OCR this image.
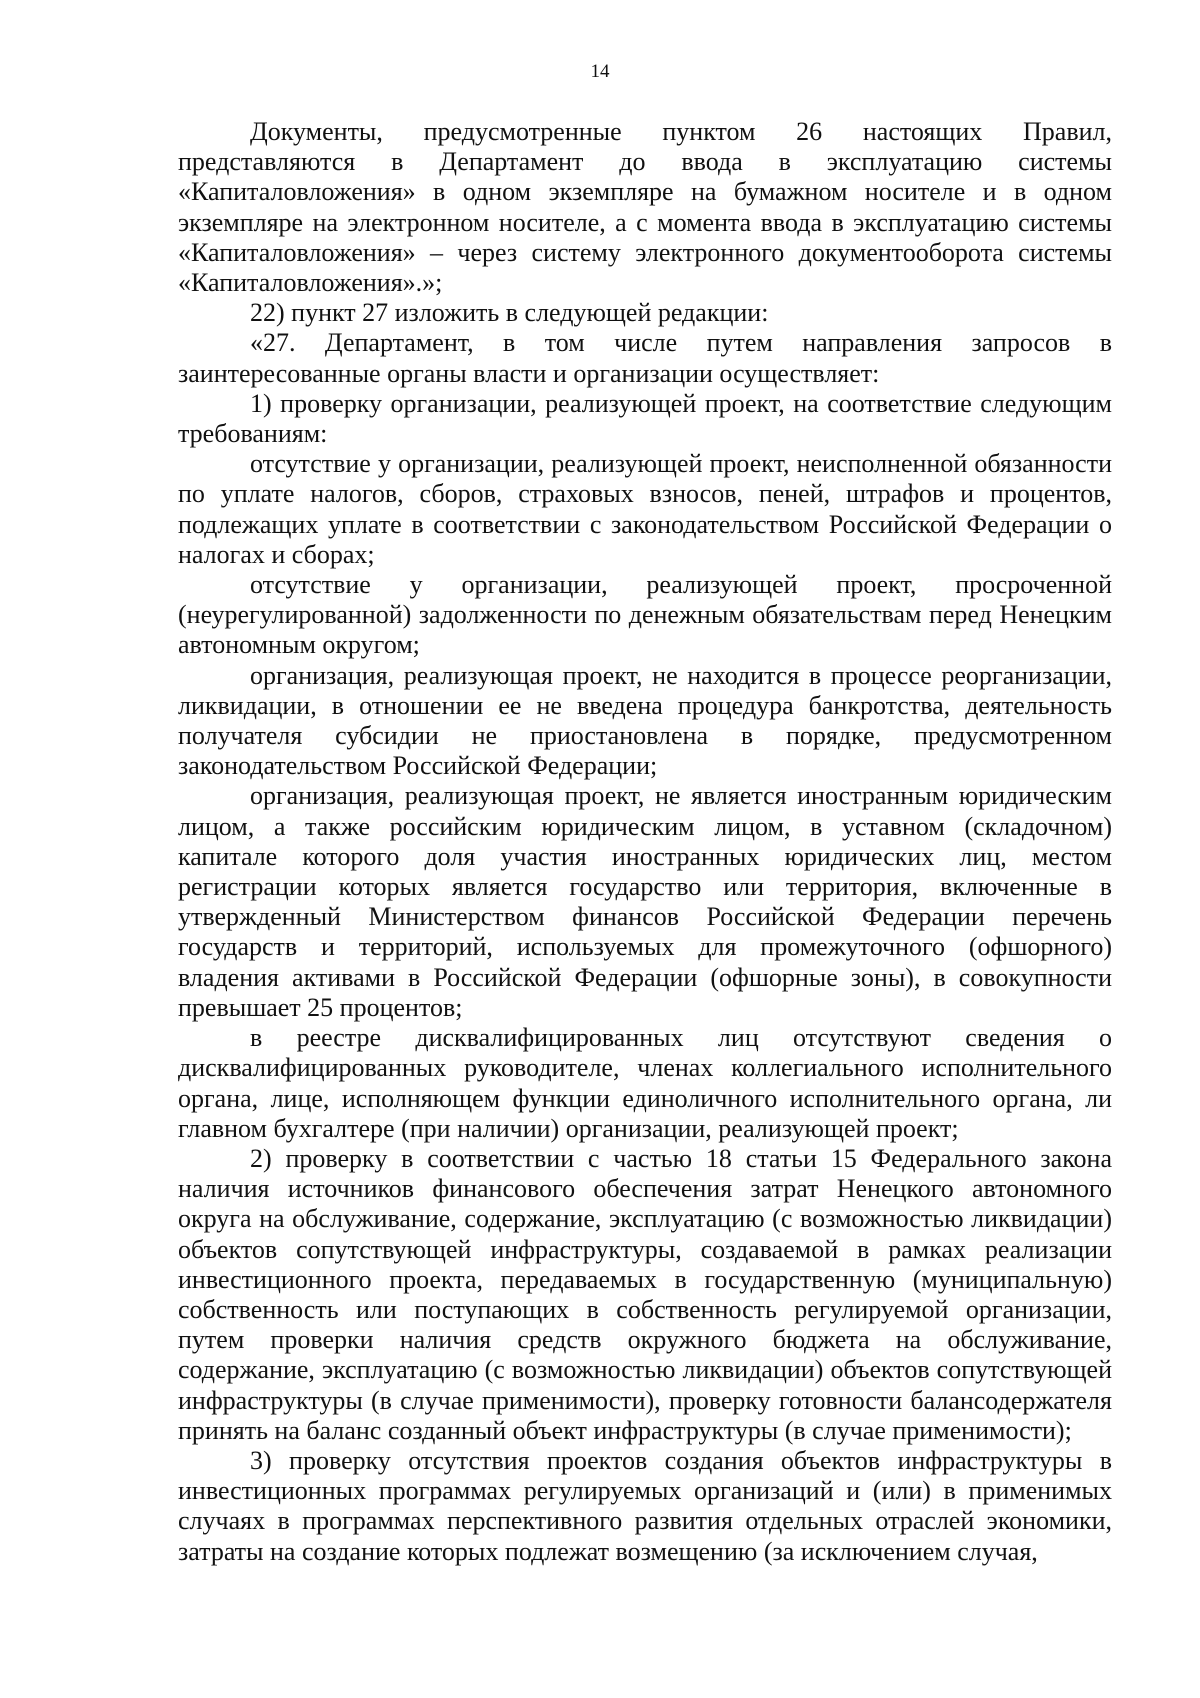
14

Документы, предусмотренные пунктом 26 настоящих Правил, представляются в Департамент до ввода в эксплуатацию системы «Капиталовложения» в одном экземпляре на бумажном носителе и в одном экземпляре на электронном носителе, а с момента ввода в эксплуатацию системы «Капиталовложения» – через систему электронного документооборота системы «Капиталовложения».»;

22) пункт 27 изложить в следующей редакции:

«27. Департамент, в том числе путем направления запросов в заинтересованные органы власти и организации осуществляет:

1) проверку организации, реализующей проект, на соответствие следующим требованиям:

отсутствие у организации, реализующей проект, неисполненной обязанности по уплате налогов, сборов, страховых взносов, пеней, штрафов и процентов, подлежащих уплате в соответствии с законодательством Российской Федерации о налогах и сборах;

отсутствие у организации, реализующей проект, просроченной (неурегулированной) задолженности по денежным обязательствам перед Ненецким автономным округом;

организация, реализующая проект, не находится в процессе реорганизации, ликвидации, в отношении ее не введена процедура банкротства, деятельность получателя субсидии не приостановлена в порядке, предусмотренном законодательством Российской Федерации;

организация, реализующая проект, не является иностранным юридическим лицом, а также российским юридическим лицом, в уставном (складочном) капитале которого доля участия иностранных юридических лиц, местом регистрации которых является государство или территория, включенные в утвержденный Министерством финансов Российской Федерации перечень государств и территорий, используемых для промежуточного (офшорного) владения активами в Российской Федерации (офшорные зоны), в совокупности превышает 25 процентов;

в реестре дисквалифицированных лиц отсутствуют сведения о дисквалифицированных руководителе, членах коллегиального исполнительного органа, лице, исполняющем функции единоличного исполнительного органа, ли главном бухгалтере (при наличии) организации, реализующей проект;

2) проверку в соответствии с частью 18 статьи 15 Федерального закона наличия источников финансового обеспечения затрат Ненецкого автономного округа на обслуживание, содержание, эксплуатацию (с возможностью ликвидации) объектов сопутствующей инфраструктуры, создаваемой в рамках реализации инвестиционного проекта, передаваемых в государственную (муниципальную) собственность или поступающих в собственность регулируемой организации, путем проверки наличия средств окружного бюджета на обслуживание, содержание, эксплуатацию (с возможностью ликвидации) объектов сопутствующей инфраструктуры (в случае применимости), проверку готовности балансодержателя принять на баланс созданный объект инфраструктуры (в случае применимости);

3) проверку отсутствия проектов создания объектов инфраструктуры в инвестиционных программах регулируемых организаций и (или) в применимых случаях в программах перспективного развития отдельных отраслей экономики, затраты на создание которых подлежат возмещению (за исключением случая,
